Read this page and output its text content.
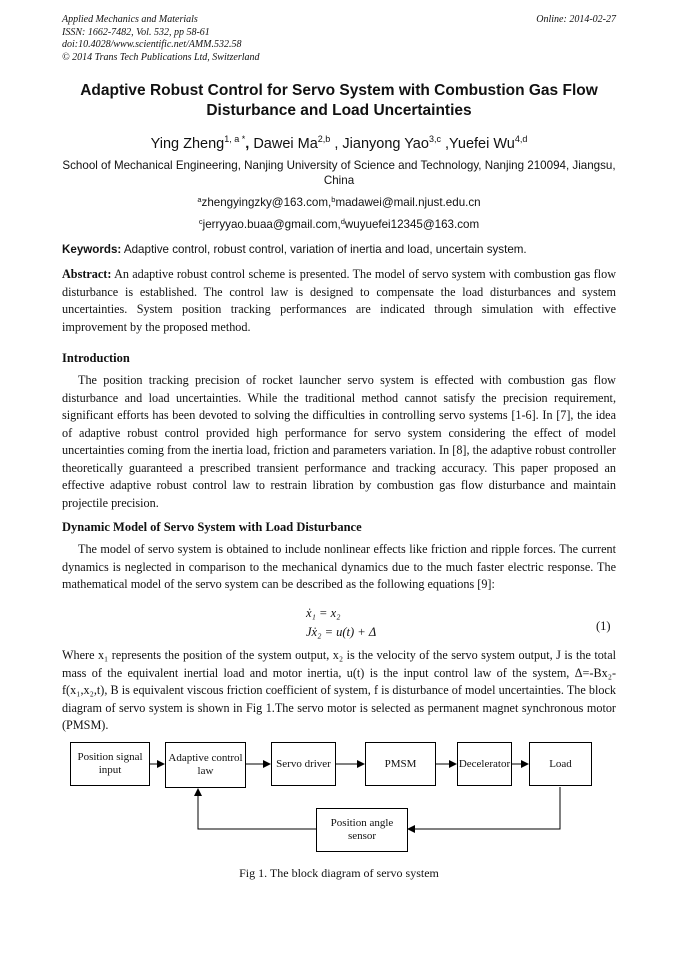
Applied Mechanics and Materials
ISSN: 1662-7482, Vol. 532, pp 58-61
doi:10.4028/www.scientific.net/AMM.532.58
© 2014 Trans Tech Publications Ltd, Switzerland
Online: 2014-02-27
Adaptive Robust Control for Servo System with Combustion Gas Flow Disturbance and Load Uncertainties
Ying Zheng$^{1, a *}$, Dawei Ma$^{2,b}$ , Jianyong Yao$^{3,c}$ ,Yuefei Wu$^{4,d}$
School of Mechanical Engineering, Nanjing University of Science and Technology, Nanjing 210094, Jiangsu, China
$^a$zhengyingzky@163.com,$^b$madawei@mail.njust.edu.cn
$^c$jerryyao.buaa@gmail.com,$^d$wuyuefei12345@163.com
Keywords: Adaptive control, robust control, variation of inertia and load, uncertain system.
Abstract: An adaptive robust control scheme is presented. The model of servo system with combustion gas flow disturbance is established. The control law is designed to compensate the load disturbances and system uncertainties. System position tracking performances are indicated through simulation with effective improvement by the proposed method.
Introduction
The position tracking precision of rocket launcher servo system is effected with combustion gas flow disturbance and load uncertainties. While the traditional method cannot satisfy the precision requirement, significant efforts has been devoted to solving the difficulties in controlling servo systems [1-6]. In [7], the idea of adaptive robust control provided high performance for servo system considering the effect of model uncertainties coming from the inertia load, friction and parameters variation. In [8], the adaptive robust controller theoretically guaranteed a prescribed transient performance and tracking accuracy. This paper proposed an effective adaptive robust control law to restrain libration by combustion gas flow disturbance and maintain projectile precision.
Dynamic Model of Servo System with Load Disturbance
The model of servo system is obtained to include nonlinear effects like friction and ripple forces. The current dynamics is neglected in comparison to the mechanical dynamics due to the much faster electric response. The mathematical model of the servo system can be described as the following equations [9]:
ẋ₁ = x₂
Jẋ₂ = u(t) + Δ	(1)
Where x₁ represents the position of the system output, x₂ is the velocity of the servo system output, J is the total mass of the equivalent inertial load and motor inertia, u(t) is the input control law of the system, Δ=-Bx₂-f(x₁,x₂,t), B is equivalent viscous friction coefficient of system, f is disturbance of model uncertainties. The block diagram of servo system is shown in Fig 1.The servo motor is selected as permanent magnet synchronous motor (PMSM).
Position signal input
Adaptive control law
Servo driver	PMSM	Decelerator	Load
Position angle sensor
Fig 1. The block diagram of servo system
